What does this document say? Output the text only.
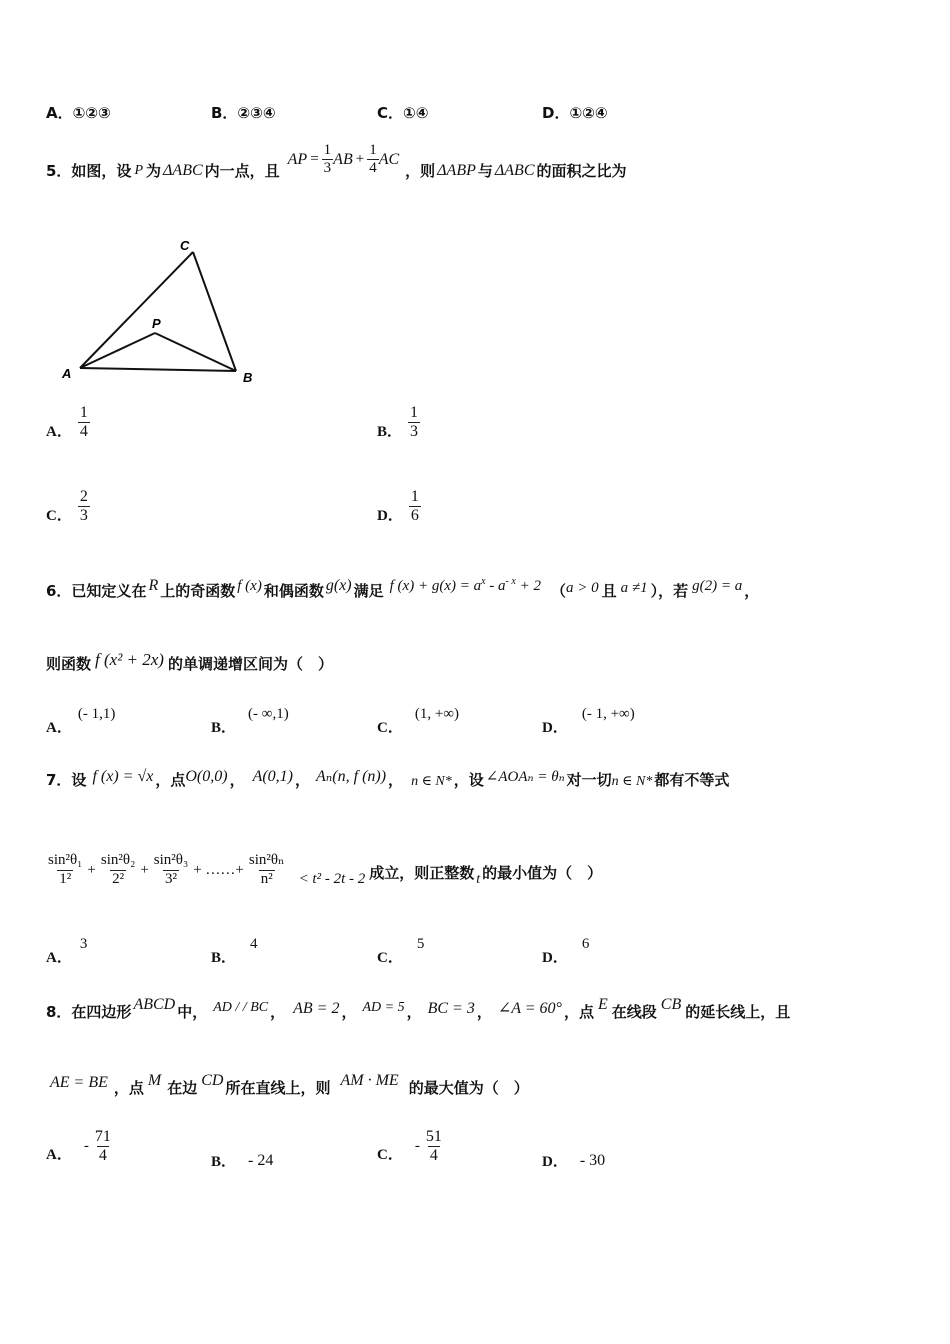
A．①②③	B．②③④	C．①④	D．①②④
5．如图，设 P 为 ΔABC 内一点，且
AP = $\frac{1}{3}$ AB + $\frac{1}{4}$ AC
，则 ΔABP 与 ΔABC 的面积之比为
A	B
C
P
A． $\frac{1}{4}$	B． $\frac{1}{3}$
C． $\frac{2}{3}$	D． $\frac{1}{6}$
6．已知定义在 R 上的奇函数 f (x) 和偶函数 g(x) 满足 f $(x) + g(x) = a^x - a^{- x} + 2$ （ a > 0 且 a ≠1 ），若 g(2) = a ，
则函数 f (x² + 2x) 的单调递增区间为（　）
A．
(- 1,1)
B．
(- ∞,1)
C．
(1, +∞)
D．
(- 1, +∞)
7．设 f (x) = √x ，点 O(0,0) ， A(0,1) ， Aₙ(n, f (n)) ， n ∈ N* ，设 ∠AOAₙ = θₙ 对一切 n ∈ N* 都有不等式
$\frac{\text{sin²θ₁}}{\text{1²}} + \frac{\text{sin²θ₂}}{\text{2²}} + \frac{\text{sin²θ₃}}{\text{3²}}$ + ……+ $\frac{\text{sin²θₙ}}{\text{n²}} < t^2 - 2t - 2$ 成立，则正整数 t 的最小值为（　）
A．
3
B．
4
C．
5
D．
6
8．在四边形 ABCD 中， AD / / BC ， AB = 2 ， AD = 5 ， BC = 3 ， ∠A = 60° ，点 E 在线段 CB 的延长线上，且
AE = BE ，点 M 在边 CD 所在直线上，则 AM · ME 的最大值为（　）
A．
- $\frac{71}{4}$	B． - 24	C．
- $\frac{51}{4}$	D． - 30
